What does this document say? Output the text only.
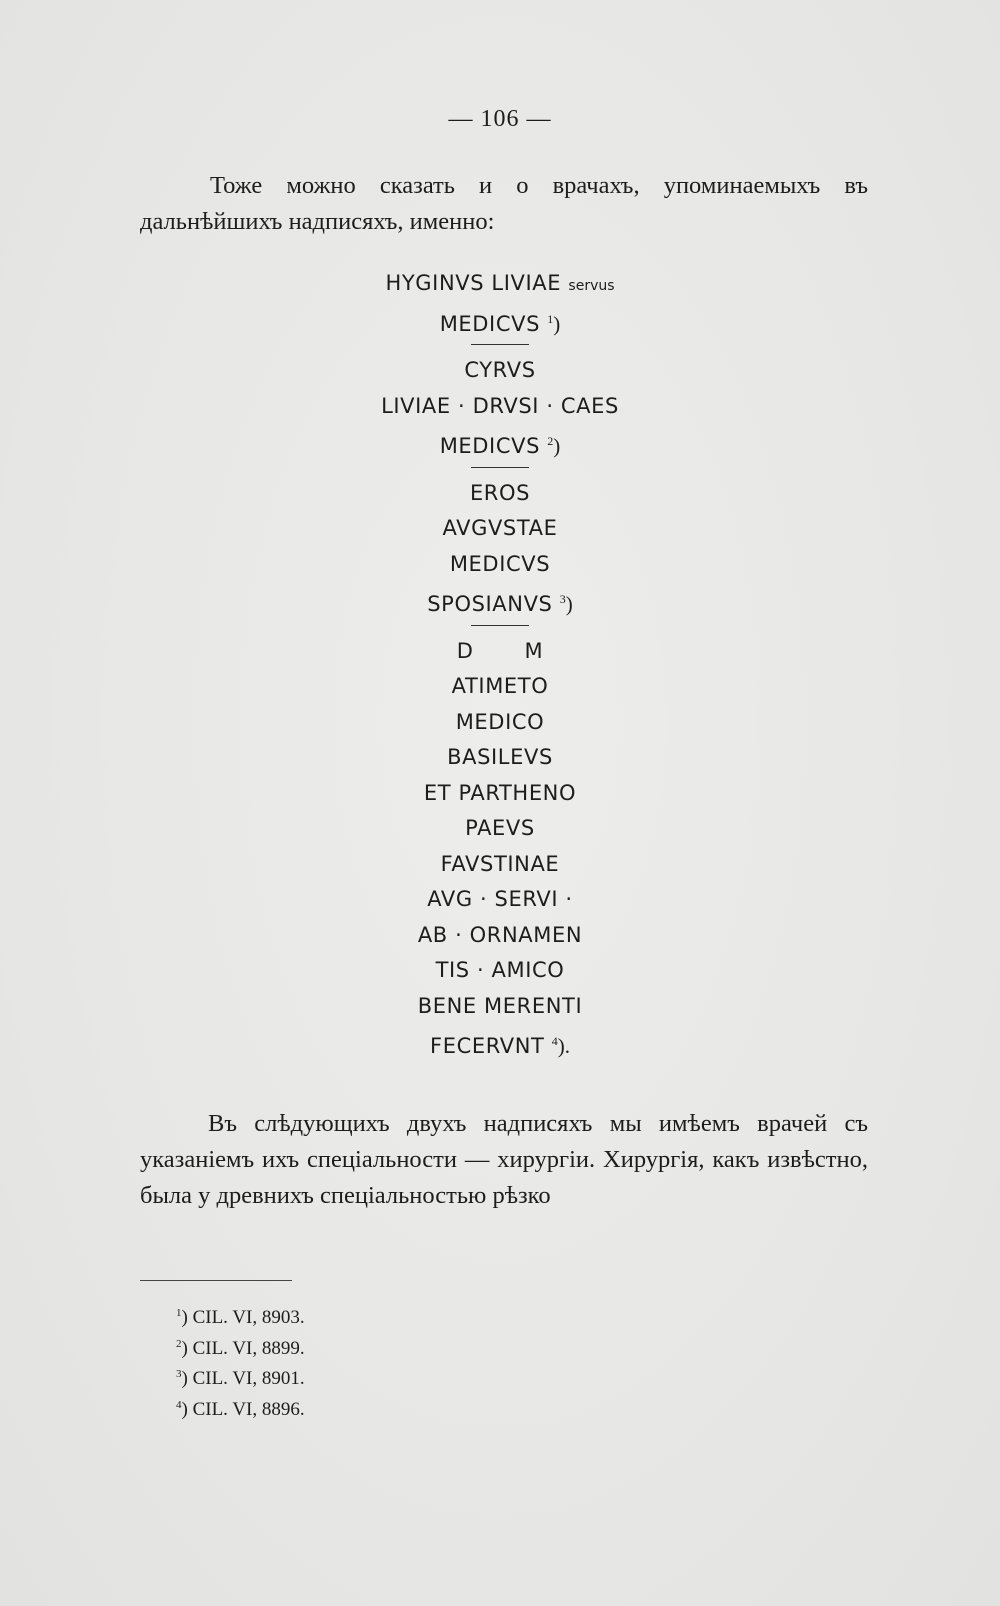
— 106 —
Тоже можно сказать и о врачахъ, упоминаемыхъ въ дальнѣйшихъ надписяхъ, именно:
HYGINVS LIVIAE servus
MEDICVS $^1$)
CYRVS
LIVIAE · DRVSI · CAES
MEDICVS $^2$)
EROS
AVGVSTAE
MEDICVS
SPOSIANVS $^3$)
D       M
ATIMETO
MEDICO
BASILEVS
ET PARTHENO
PAEVS
FAVSTINAE
AVG · SERVI ·
AB · ORNAMEN
TIS · AMICO
BENE MERENTI
FECERVNT $^4$).
Въ слѣдующихъ двухъ надписяхъ мы имѣемъ врачей съ указаніемъ ихъ спеціальности — хирургіи. Хирургія, какъ извѣстно, была у древнихъ спеціальностью рѣзко
$^1$) CIL. VI, 8903.
$^2$) CIL. VI, 8899.
$^3$) CIL. VI, 8901.
$^4$) CIL. VI, 8896.
